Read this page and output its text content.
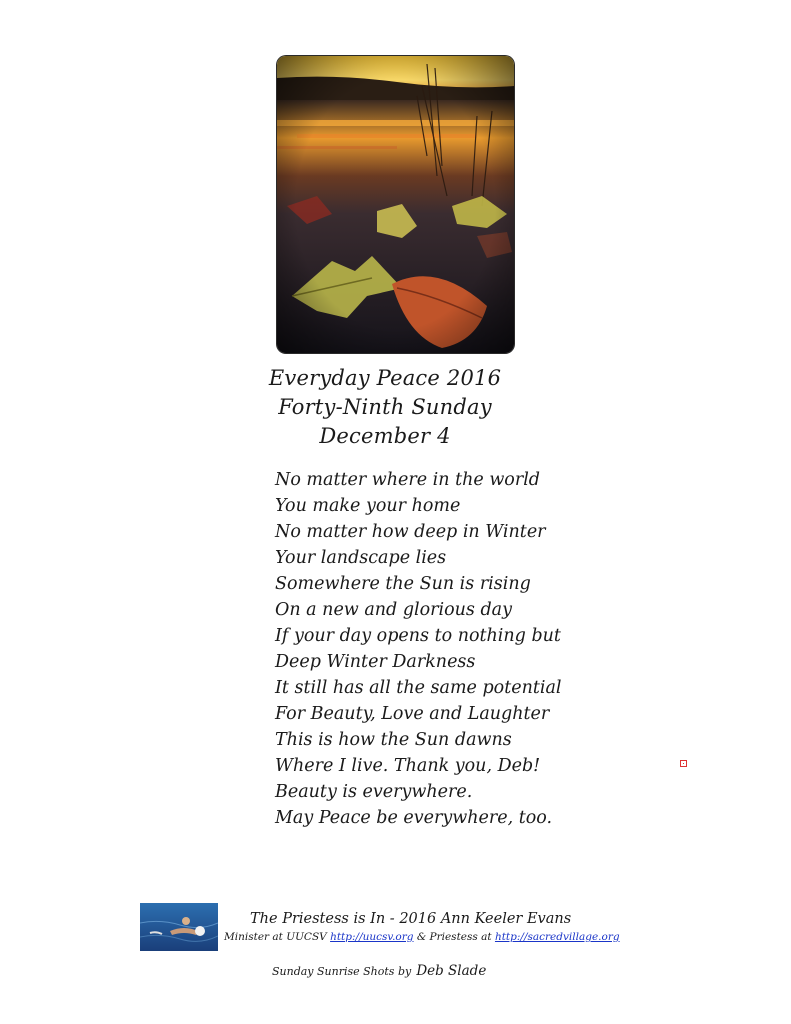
Everyday Peace 2016
Forty-Ninth Sunday
December 4
No matter where in the world
You make your home
No matter how deep in Winter
Your landscape lies
Somewhere the Sun is rising
On a new and glorious day
If your day opens to nothing but
Deep Winter Darkness
It still has all the same potential
For Beauty, Love and Laughter
This is how the Sun dawns
Where I live. Thank you, Deb!
Beauty is everywhere.
May Peace be everywhere, too.
The Priestess is In - 2016 Ann Keeler Evans
Minister at UUCSV http://uucsv.org & Priestess at http://sacredvillage.org
Sunday Sunrise Shots by Deb Slade
